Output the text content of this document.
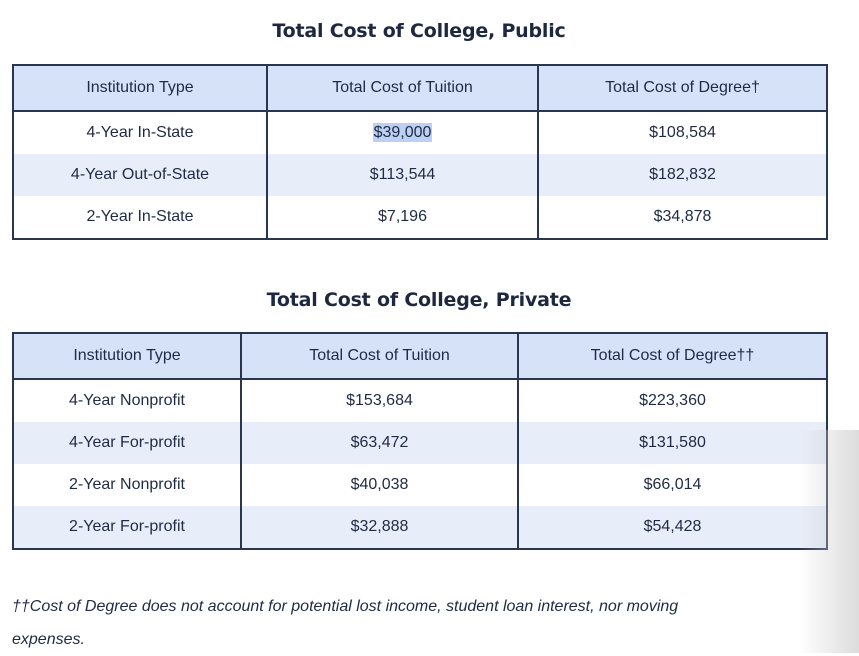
Total Cost of College, Public
Institution Type	Total Cost of Tuition	Total Cost of Degree†
4-Year In-State	$39,000	$108,584
4-Year Out-of-State	$113,544	$182,832
2-Year In-State	$7,196	$34,878
Total Cost of College, Private
Institution Type	Total Cost of Tuition	Total Cost of Degree††
4-Year Nonprofit	$153,684	$223,360
4-Year For-profit	$63,472	$131,580
2-Year Nonprofit	$40,038	$66,014
2-Year For-profit	$32,888	$54,428
††Cost of Degree does not account for potential lost income, student loan interest, nor moving
expenses.
